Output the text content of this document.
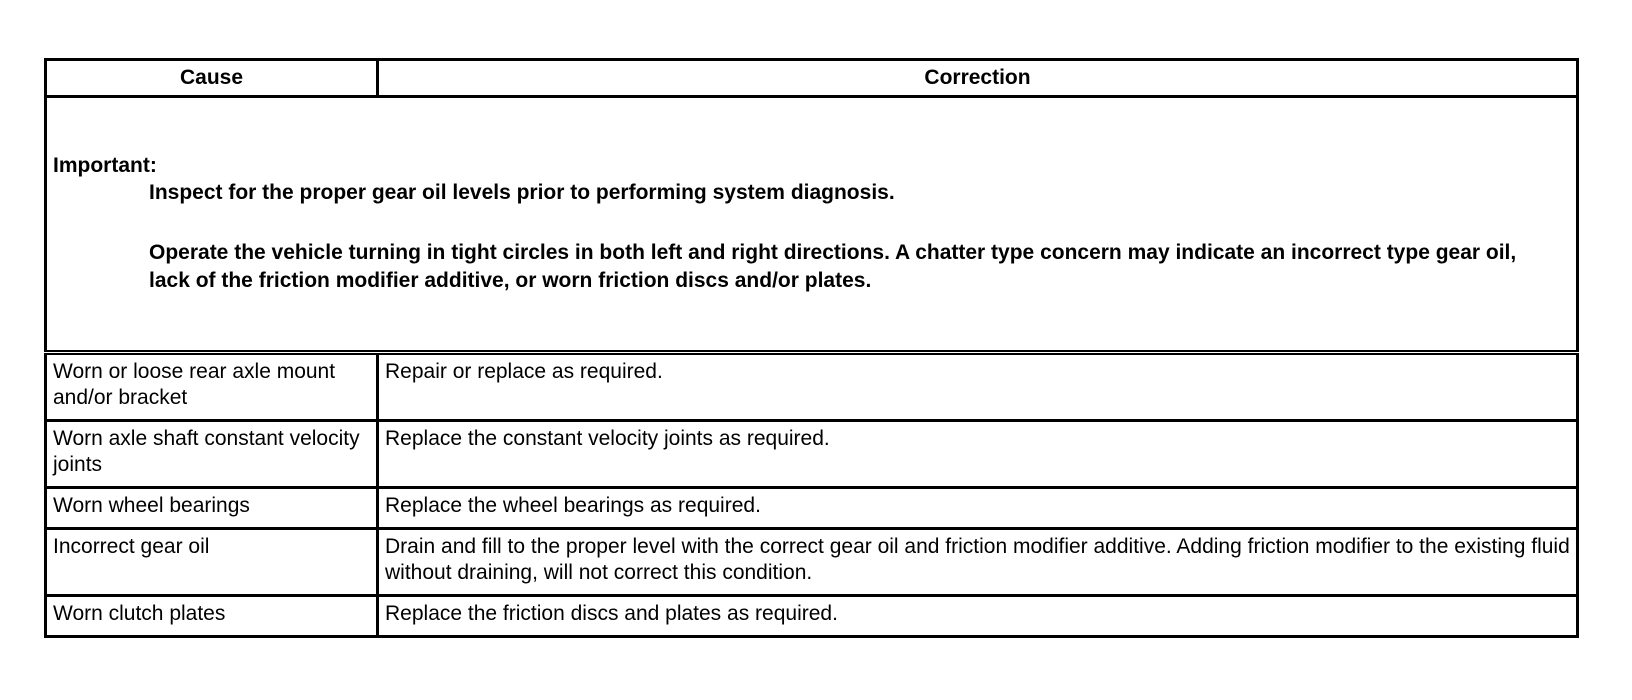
Cause	Correction

Important:

Inspect for the proper gear oil levels prior to performing system diagnosis.

Operate the vehicle turning in tight circles in both left and right directions. A chatter type concern may indicate an incorrect type gear oil, lack of the friction modifier additive, or worn friction discs and/or plates.	

Worn or loose rear axle mount and/or bracket	Repair or replace as required.
Worn axle shaft constant velocity joints	Replace the constant velocity joints as required.
Worn wheel bearings	Replace the wheel bearings as required.
Incorrect gear oil	Drain and fill to the proper level with the correct gear oil and friction modifier additive. Adding friction modifier to the existing fluid without draining, will not correct this condition.
Worn clutch plates	Replace the friction discs and plates as required.
